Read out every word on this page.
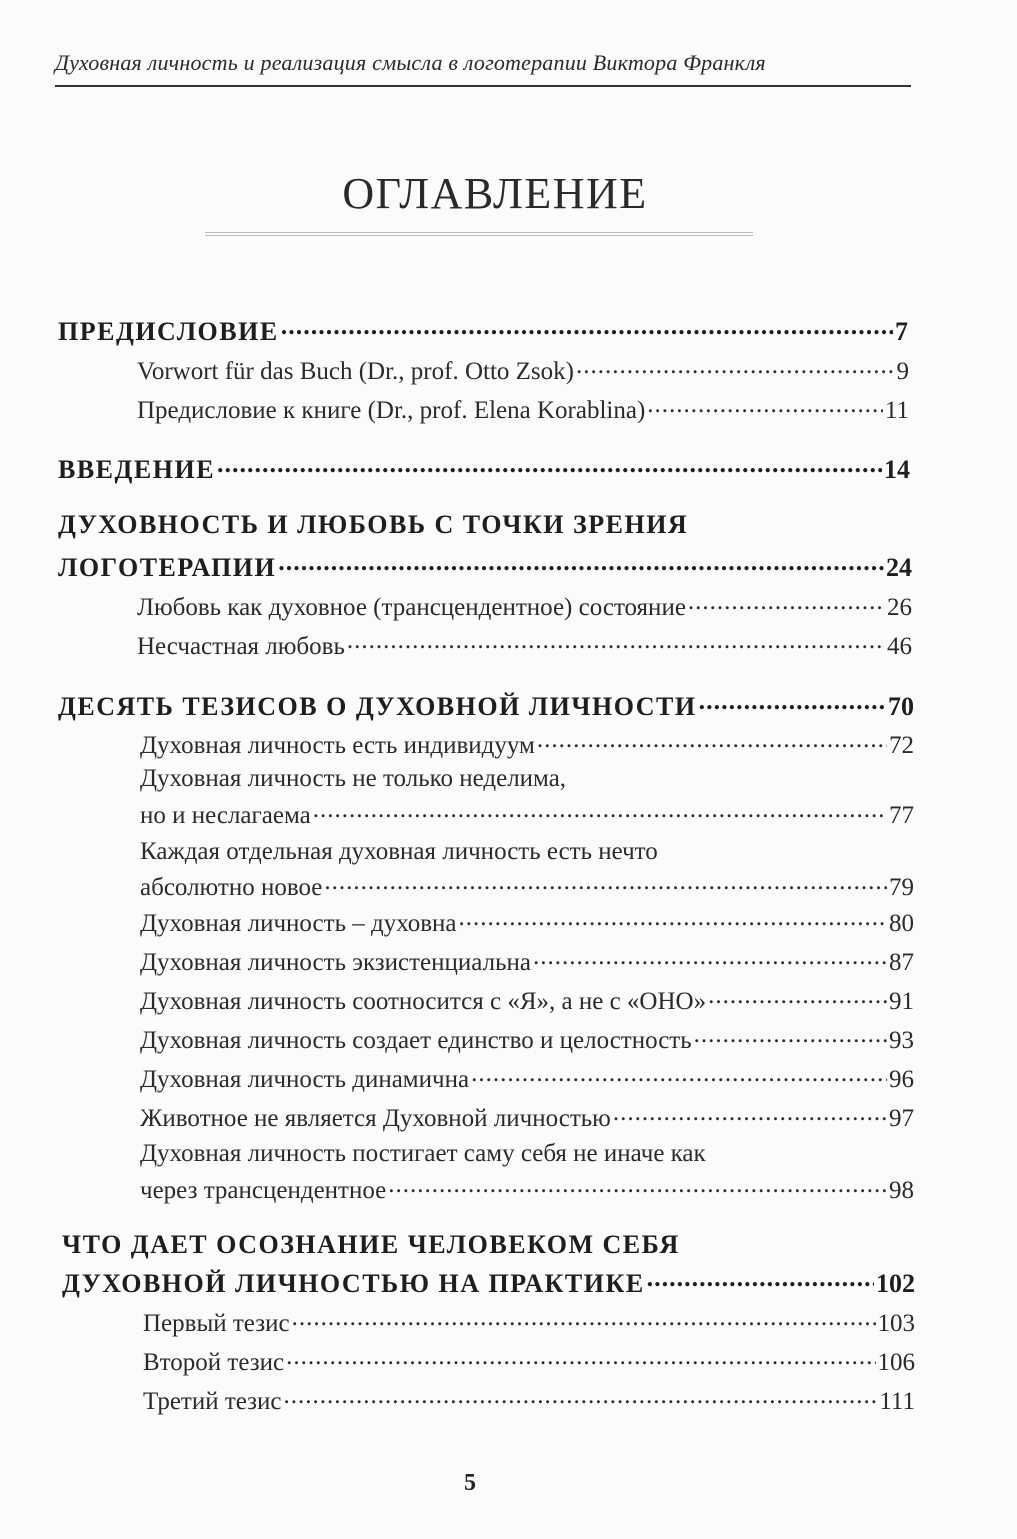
Духовная личность и реализация смысла в логотерапии Виктора Франкля
ОГЛАВЛЕНИЕ
ПРЕДИСЛОВИЕ .....	7
Vorwort für das Buch (Dr., prof. Otto Zsok) .....	9
Предисловие к книге (Dr., prof. Elena Korablina) .....	11
ВВЕДЕНИЕ .....	14
ДУХОВНОСТЬ И ЛЮБОВЬ С ТОЧКИ ЗРЕНИЯ
ЛОГОТЕРАПИИ .....	24
Любовь как духовное (трансцендентное) состояние .....	26
Несчастная любовь .....	46
ДЕСЯТЬ ТЕЗИСОВ О ДУХОВНОЙ ЛИЧНОСТИ .....	70
Духовная личность есть индивидуум .....	72
Духовная личность не только неделима,
но и неслагаема .....	77
Каждая отдельная духовная личность есть нечто
абсолютно новое .....	79
Духовная личность – духовна .....	80
Духовная личность экзистенциальна .....	87
Духовная личность соотносится с «Я», а не с «ОНО» .....	91
Духовная личность создает единство и целостность .....	93
Духовная личность динамична .....	96
Животное не является Духовной личностью .....	97
Духовная личность постигает саму себя не иначе как
через трансцендентное .....	98
ЧТО ДАЕТ ОСОЗНАНИЕ ЧЕЛОВЕКОМ СЕБЯ
ДУХОВНОЙ ЛИЧНОСТЬЮ НА ПРАКТИКЕ .....	102
Первый тезис .....	103
Второй тезис .....	106
Третий тезис .....	111
5
